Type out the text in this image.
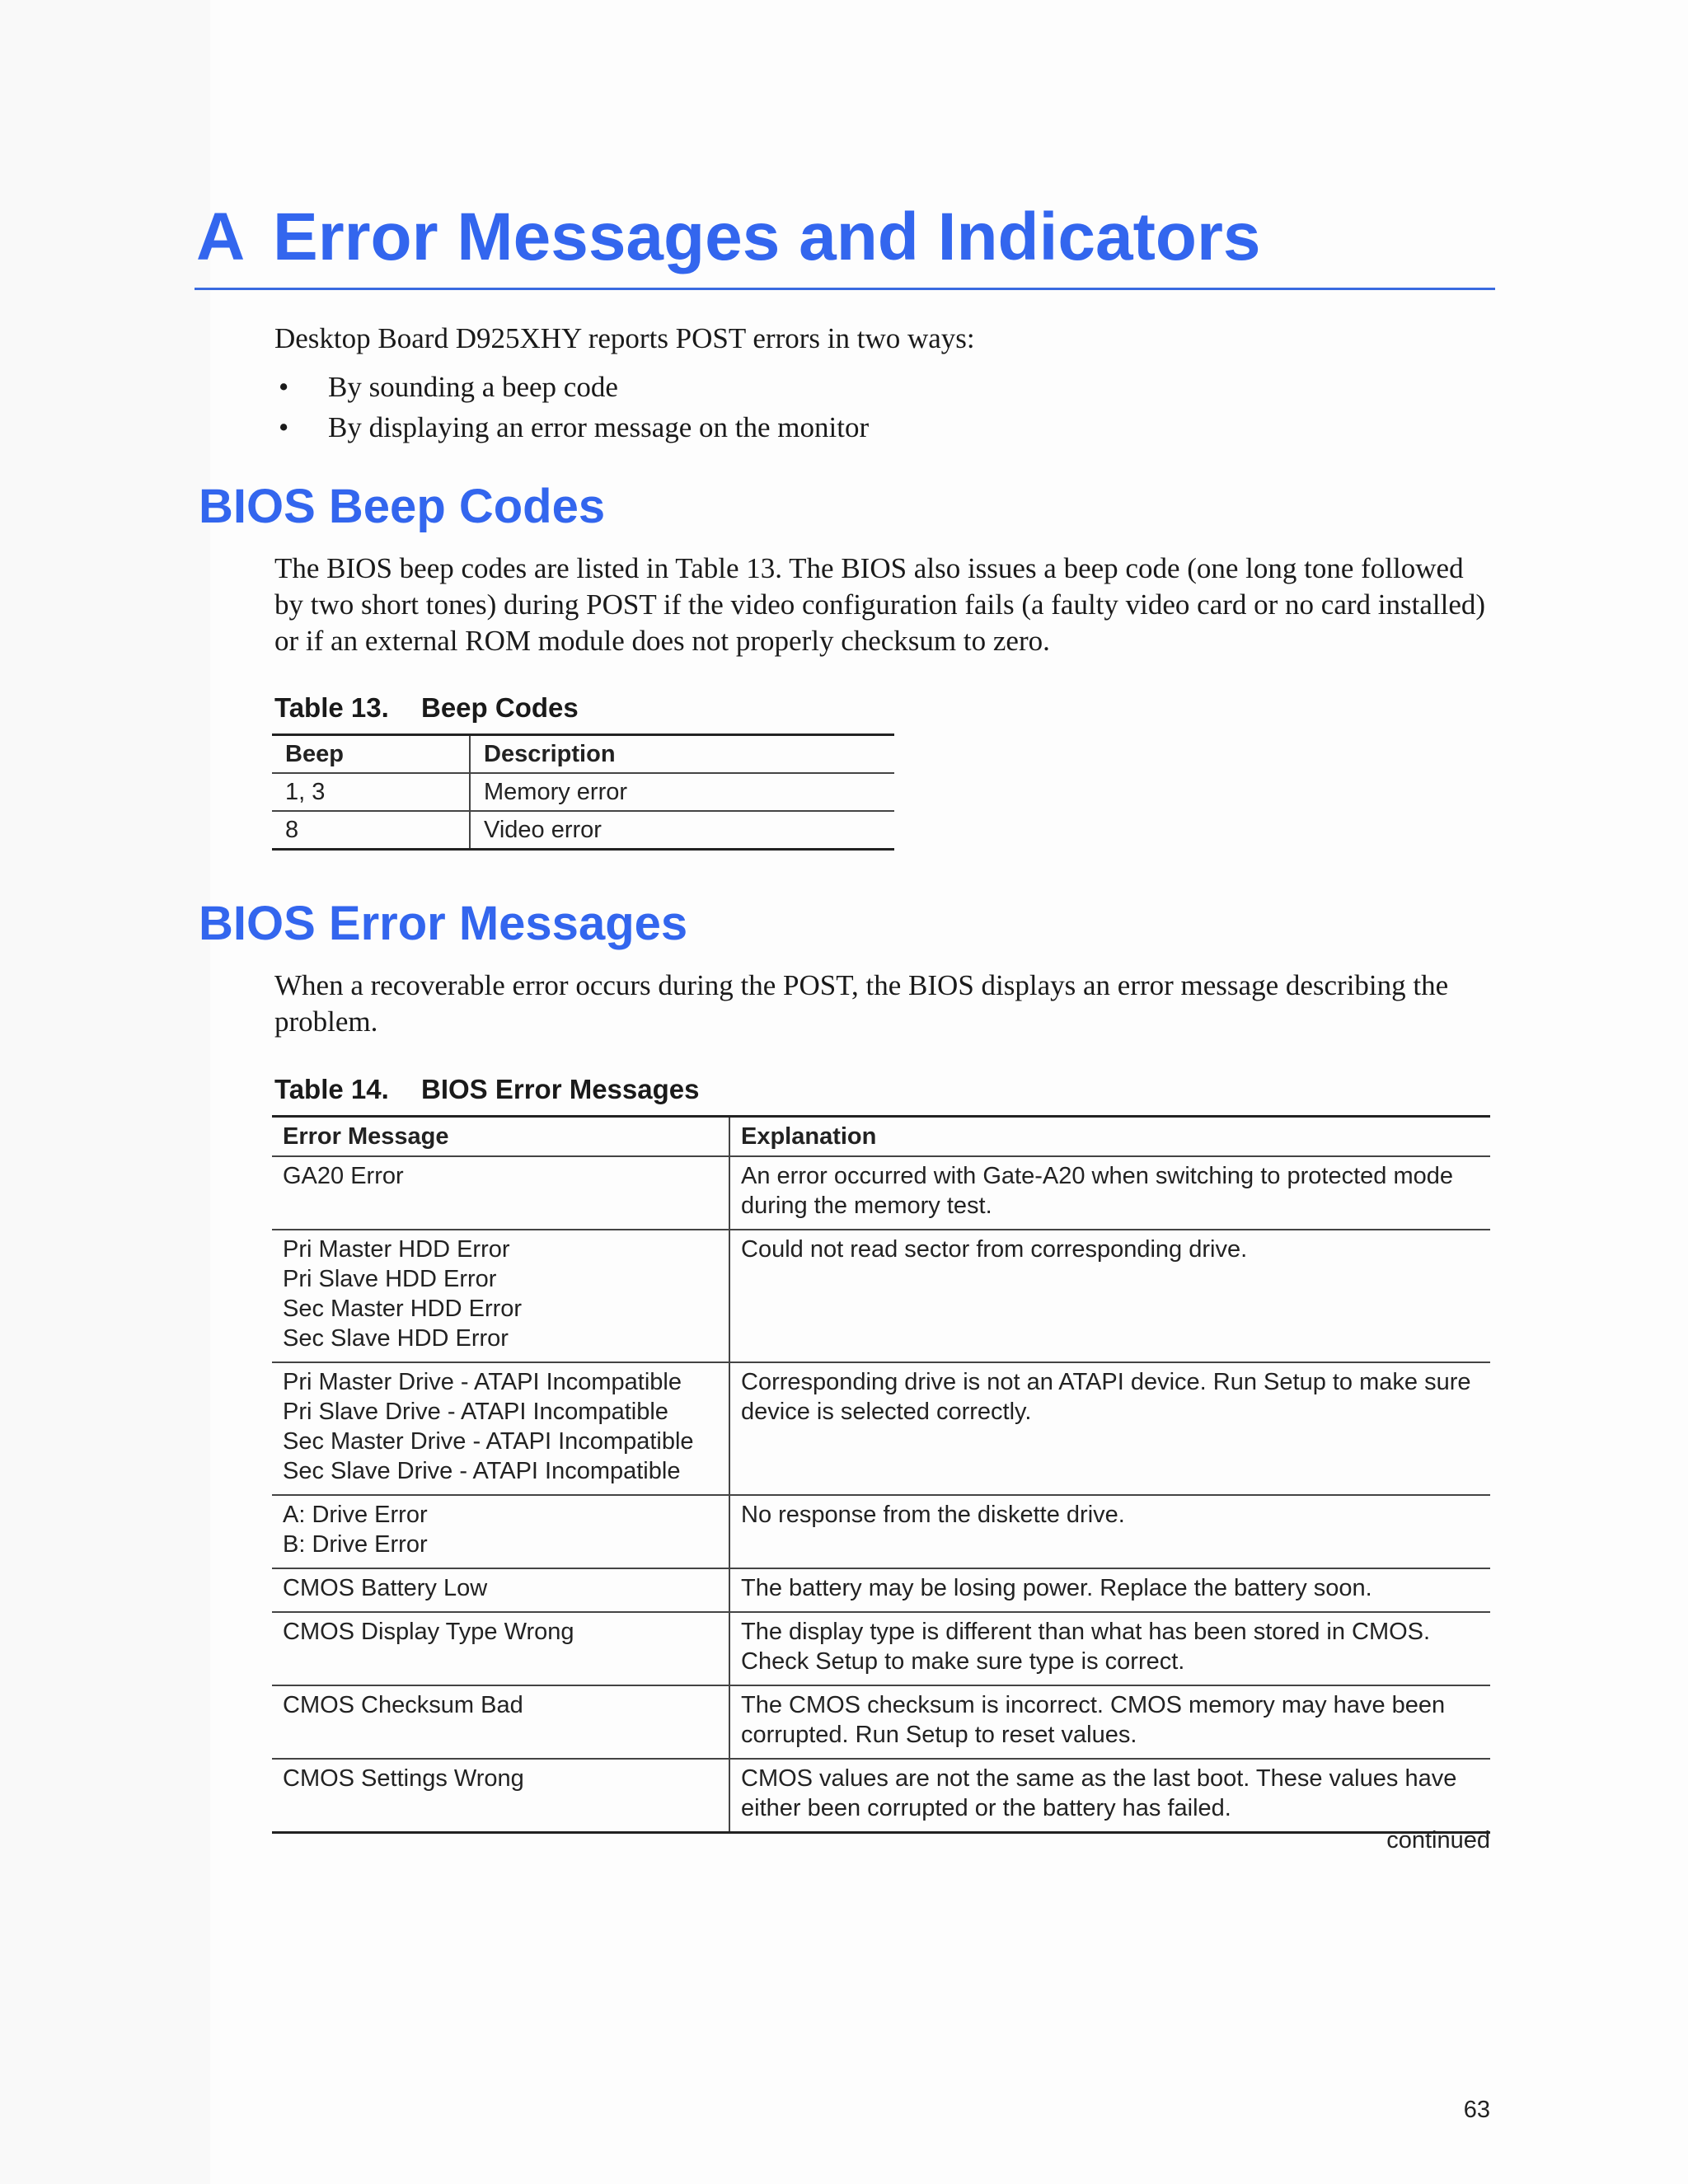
A Error Messages and Indicators

Desktop Board D925XHY reports POST errors in two ways:

• By sounding a beep code
• By displaying an error message on the monitor
BIOS Beep Codes

The BIOS beep codes are listed in Table 13. The BIOS also issues a beep code (one long tone followed by two short tones) during POST if the video configuration fails (a faulty video card or no card installed) or if an external ROM module does not properly checksum to zero.

Table 13. Beep Codes

Beep	Description
1, 3	Memory error
8	Video error
BIOS Error Messages

When a recoverable error occurs during the POST, the BIOS displays an error message describing the problem.

Table 14. BIOS Error Messages

Error Message	Explanation

GA20 Error	An error occurred with Gate-A20 when switching to protected mode during the memory test.

Pri Master HDD Error
Pri Slave HDD Error
Sec Master HDD Error
Sec Slave HDD Error	Could not read sector from corresponding drive.

Pri Master Drive - ATAPI Incompatible
Pri Slave Drive - ATAPI Incompatible
Sec Master Drive - ATAPI Incompatible
Sec Slave Drive - ATAPI Incompatible	Corresponding drive is not an ATAPI device. Run Setup to make sure device is selected correctly.

A: Drive Error
B: Drive Error	No response from the diskette drive.

CMOS Battery Low	The battery may be losing power. Replace the battery soon.

CMOS Display Type Wrong	The display type is different than what has been stored in CMOS. Check Setup to make sure type is correct.

CMOS Checksum Bad	The CMOS checksum is incorrect. CMOS memory may have been corrupted. Run Setup to reset values.

CMOS Settings Wrong	CMOS values are not the same as the last boot. These values have either been corrupted or the battery has failed.
continued
63
